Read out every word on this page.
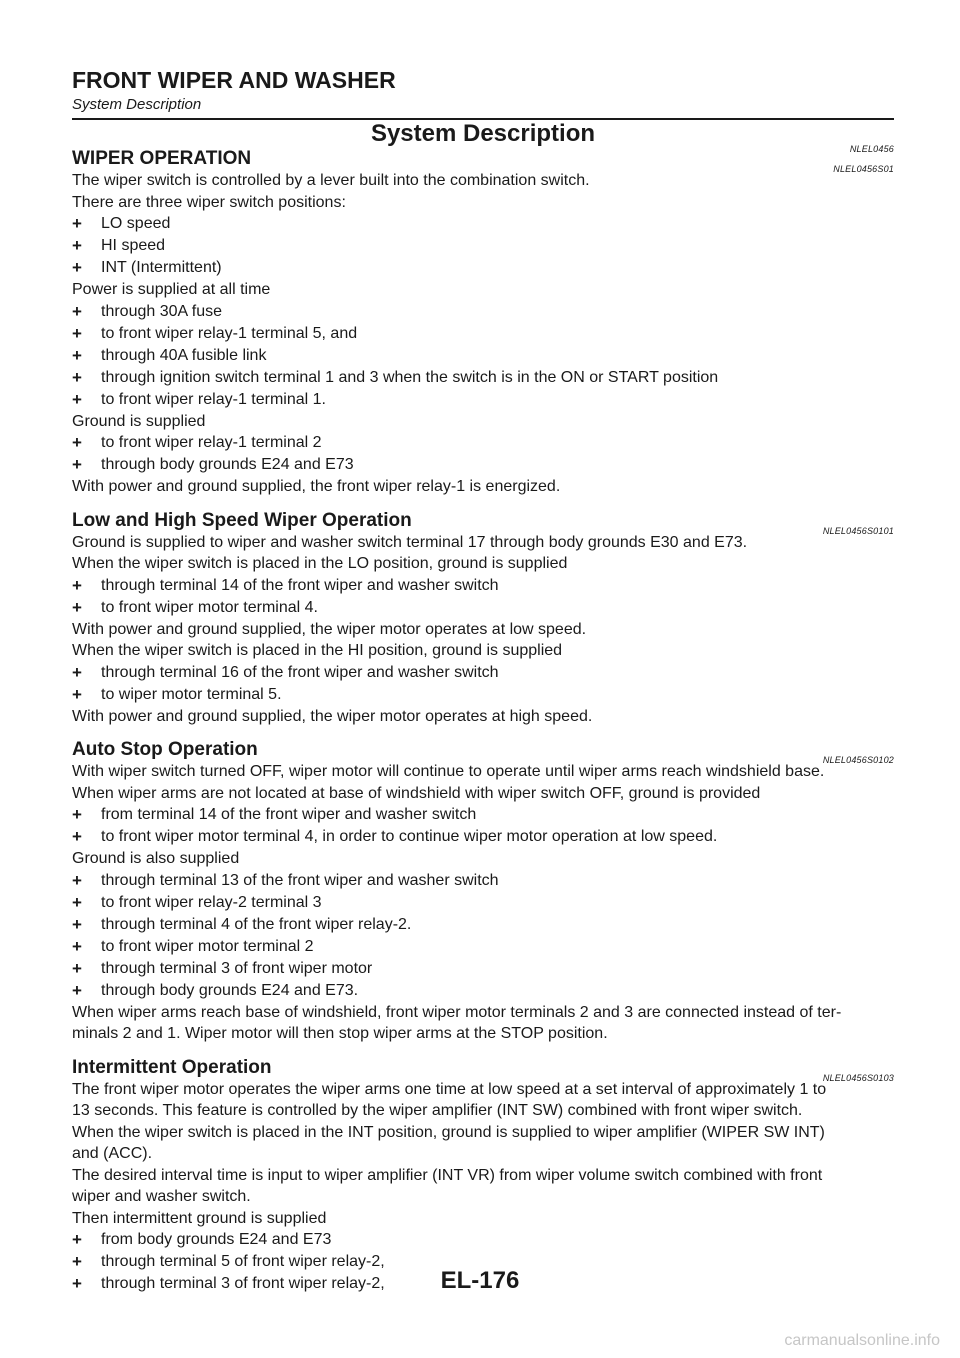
FRONT WIPER AND WASHER
System Description
System Description
NLEL0456
WIPER OPERATION	NLEL0456S01

The wiper switch is controlled by a lever built into the combination switch.

There are three wiper switch positions:

+ LO speed
+ HI speed
+ INT (Intermittent)

Power is supplied at all time

+ through 30A fuse
+ to front wiper relay-1 terminal 5, and
+ through 40A fusible link
+ through ignition switch terminal 1 and 3 when the switch is in the ON or START position
+ to front wiper relay-1 terminal 1.

Ground is supplied

+ to front wiper relay-1 terminal 2
+ through body grounds E24 and E73

With power and ground supplied, the front wiper relay-1 is energized.

Low and High Speed Wiper Operation	NLEL0456S0101

Ground is supplied to wiper and washer switch terminal 17 through body grounds E30 and E73.

When the wiper switch is placed in the LO position, ground is supplied

+ through terminal 14 of the front wiper and washer switch
+ to front wiper motor terminal 4.

With power and ground supplied, the wiper motor operates at low speed.

When the wiper switch is placed in the HI position, ground is supplied

+ through terminal 16 of the front wiper and washer switch
+ to wiper motor terminal 5.

With power and ground supplied, the wiper motor operates at high speed.

Auto Stop Operation	NLEL0456S0102

With wiper switch turned OFF, wiper motor will continue to operate until wiper arms reach windshield base.

When wiper arms are not located at base of windshield with wiper switch OFF, ground is provided

+ from terminal 14 of the front wiper and washer switch
+ to front wiper motor terminal 4, in order to continue wiper motor operation at low speed.

Ground is also supplied

+ through terminal 13 of the front wiper and washer switch
+ to front wiper relay-2 terminal 3
+ through terminal 4 of the front wiper relay-2.
+ to front wiper motor terminal 2
+ through terminal 3 of front wiper motor
+ through body grounds E24 and E73.

When wiper arms reach base of windshield, front wiper motor terminals 2 and 3 are connected instead of ter-

minals 2 and 1. Wiper motor will then stop wiper arms at the STOP position.

Intermittent Operation	NLEL0456S0103

The front wiper motor operates the wiper arms one time at low speed at a set interval of approximately 1 to

13 seconds. This feature is controlled by the wiper amplifier (INT SW) combined with front wiper switch.

When the wiper switch is placed in the INT position, ground is supplied to wiper amplifier (WIPER SW INT)

and (ACC).

The desired interval time is input to wiper amplifier (INT VR) from wiper volume switch combined with front

wiper and washer switch.

Then intermittent ground is supplied

+ from body grounds E24 and E73
+ through terminal 5 of front wiper relay-2,
+ through terminal 3 of front wiper relay-2,	EL-176
carmanualsonline.info
